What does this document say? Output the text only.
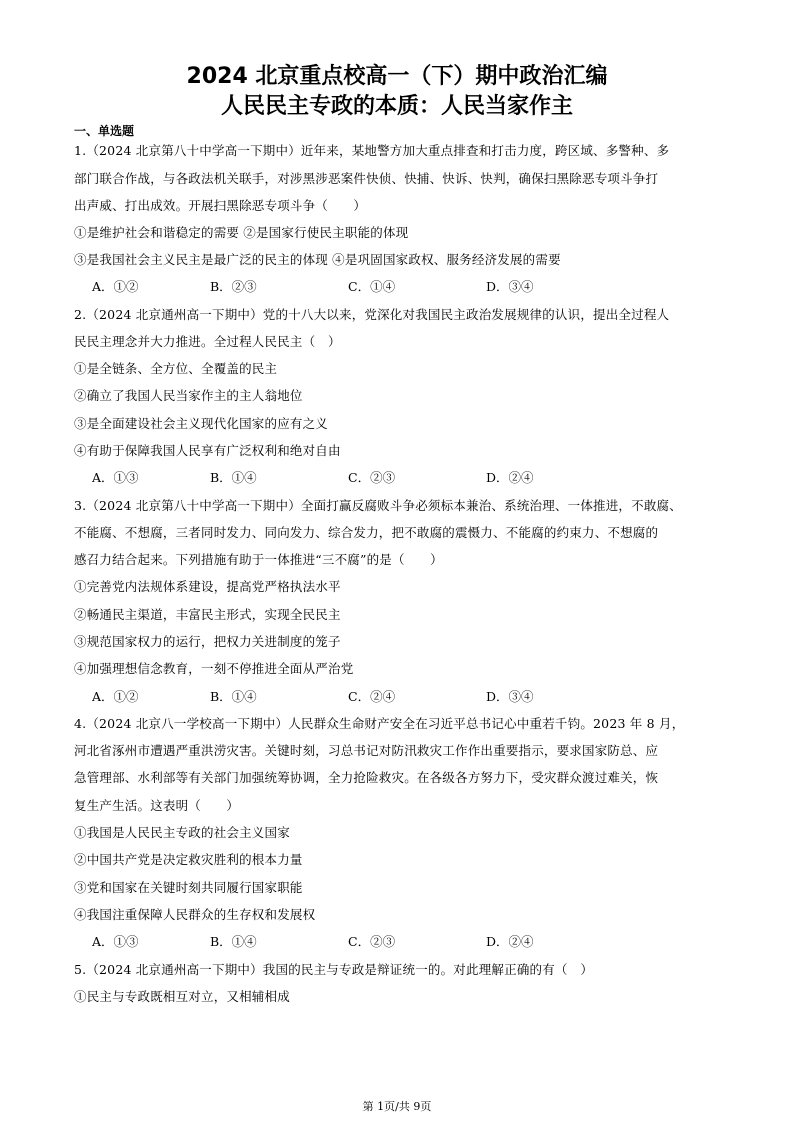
2024 北京重点校高一（下）期中政治汇编
人民民主专政的本质：人民当家作主
一、单选题
1.（2024 北京第八十中学高一下期中）近年来，某地警方加大重点排查和打击力度，跨区域、多警种、多
部门联合作战，与各政法机关联手，对涉黑涉恶案件快侦、快捕、快诉、快判，确保扫黑除恶专项斗争打
出声威、打出成效。开展扫黑除恶专项斗争（　　）
①是维护社会和谐稳定的需要 ②是国家行使民主职能的体现
③是我国社会主义民主是最广泛的民主的体现 ④是巩固国家政权、服务经济发展的需要
A．①②	B．②③	C．①④	D．③④
2.（2024 北京通州高一下期中）党的十八大以来，党深化对我国民主政治发展规律的认识，提出全过程人
民民主理念并大力推进。全过程人民民主（　）
①是全链条、全方位、全覆盖的民主
②确立了我国人民当家作主的主人翁地位
③是全面建设社会主义现代化国家的应有之义
④有助于保障我国人民享有广泛权利和绝对自由
A．①③	B．①④	C．②③	D．②④
3.（2024 北京第八十中学高一下期中）全面打赢反腐败斗争必须标本兼治、系统治理、一体推进，不敢腐、
不能腐、不想腐，三者同时发力、同向发力、综合发力，把不敢腐的震慑力、不能腐的约束力、不想腐的
感召力结合起来。下列措施有助于一体推进“三不腐”的是（　　）
①完善党内法规体系建设，提高党严格执法水平
②畅通民主渠道，丰富民主形式，实现全民民主
③规范国家权力的运行，把权力关进制度的笼子
④加强理想信念教育，一刻不停推进全面从严治党
A．①②	B．①④	C．②④	D．③④
4.（2024 北京八一学校高一下期中）人民群众生命财产安全在习近平总书记心中重若千钧。2023 年 8 月，
河北省涿州市遭遇严重洪涝灾害。关键时刻，习总书记对防汛救灾工作作出重要指示，要求国家防总、应
急管理部、水利部等有关部门加强统筹协调，全力抢险救灾。在各级各方努力下，受灾群众渡过难关，恢
复生产生活。这表明（　　）
①我国是人民民主专政的社会主义国家
②中国共产党是决定救灾胜利的根本力量
③党和国家在关键时刻共同履行国家职能
④我国注重保障人民群众的生存权和发展权
A．①③	B．①④	C．②③	D．②④
5.（2024 北京通州高一下期中）我国的民主与专政是辩证统一的。对此理解正确的有（　）
①民主与专政既相互对立，又相辅相成
第 1页/共 9页
